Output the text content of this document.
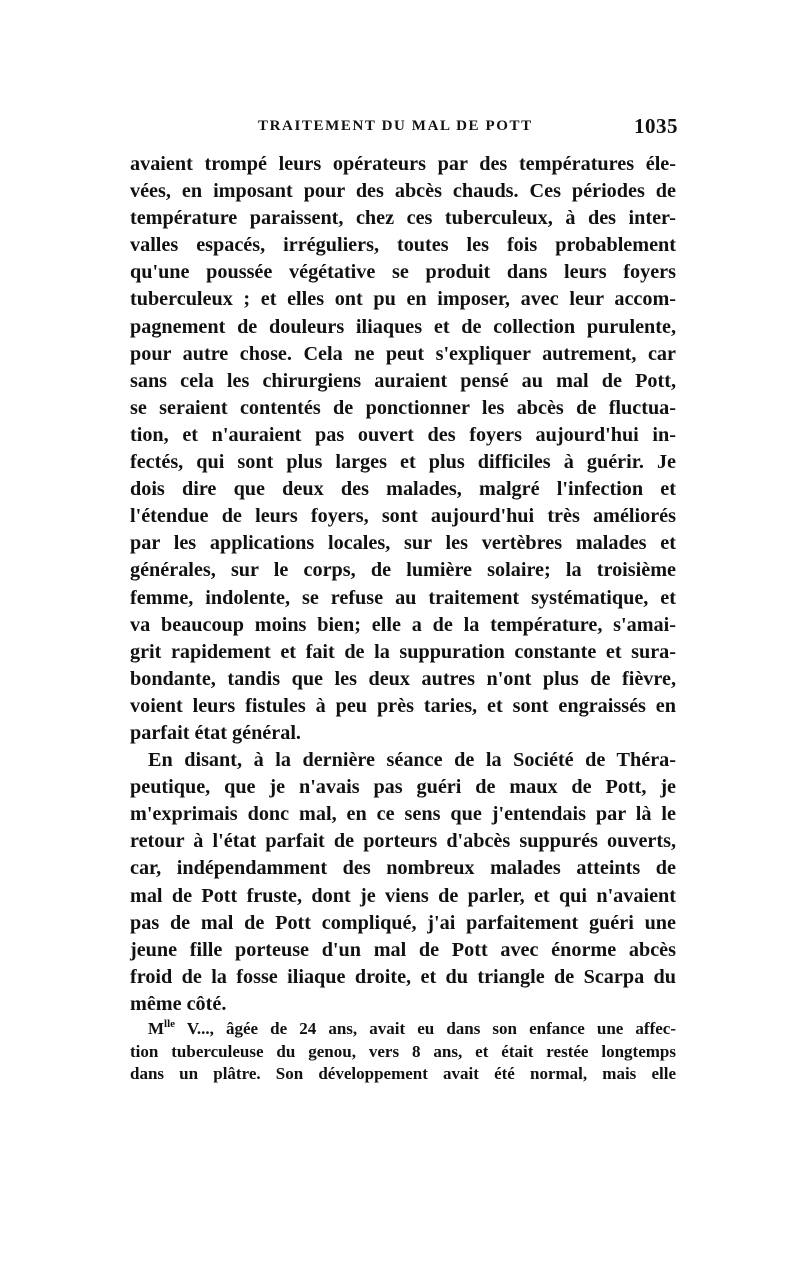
TRAITEMENT DU MAL DE POTT	1035
avaient trompé leurs opérateurs par des températures éle-
vées, en imposant pour des abcès chauds. Ces périodes de
température paraissent, chez ces tuberculeux, à des inter-
valles espacés, irréguliers, toutes les fois probablement
qu'une poussée végétative se produit dans leurs foyers
tuberculeux ; et elles ont pu en imposer, avec leur accom-
pagnement de douleurs iliaques et de collection purulente,
pour autre chose. Cela ne peut s'expliquer autrement, car
sans cela les chirurgiens auraient pensé au mal de Pott,
se seraient contentés de ponctionner les abcès de fluctua-
tion, et n'auraient pas ouvert des foyers aujourd'hui in-
fectés, qui sont plus larges et plus difficiles à guérir. Je
dois dire que deux des malades, malgré l'infection et
l'étendue de leurs foyers, sont aujourd'hui très améliorés
par les applications locales, sur les vertèbres malades et
générales, sur le corps, de lumière solaire; la troisième
femme, indolente, se refuse au traitement systématique, et
va beaucoup moins bien; elle a de la température, s'amai-
grit rapidement et fait de la suppuration constante et sura-
bondante, tandis que les deux autres n'ont plus de fièvre,
voient leurs fistules à peu près taries, et sont engraissés en
parfait état général.
En disant, à la dernière séance de la Société de Théra-
peutique, que je n'avais pas guéri de maux de Pott, je
m'exprimais donc mal, en ce sens que j'entendais par là le
retour à l'état parfait de porteurs d'abcès suppurés ouverts,
car, indépendamment des nombreux malades atteints de
mal de Pott fruste, dont je viens de parler, et qui n'avaient
pas de mal de Pott compliqué, j'ai parfaitement guéri une
jeune fille porteuse d'un mal de Pott avec énorme abcès
froid de la fosse iliaque droite, et du triangle de Scarpa du
même côté.
$M^{lle}$ V..., âgée de 24 ans, avait eu dans son enfance une affec-
tion tuberculeuse du genou, vers 8 ans, et était restée longtemps
dans un plâtre. Son développement avait été normal, mais elle
